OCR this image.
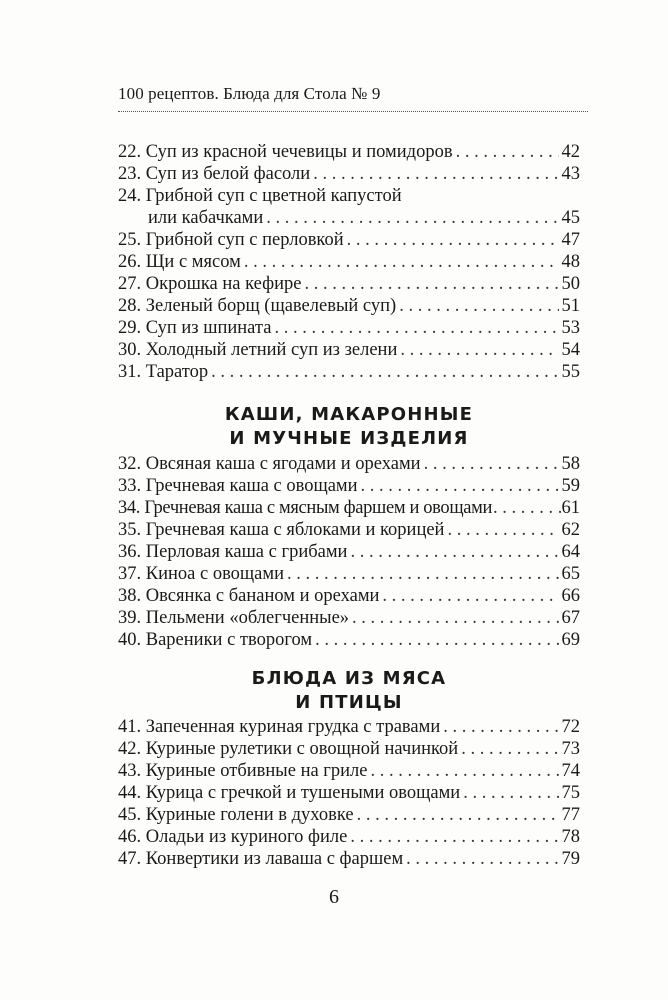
100 рецептов. Блюда для Стола № 9
22. Суп из красной чечевицы и помидоров . . .	42
23. Суп из белой фасоли . . .	43
24. Грибной суп с цветной капустой
или кабачками . . .	45
25. Грибной суп с перловкой . . .	47
26. Щи с мясом . . .	48
27. Окрошка на кефире . . .	50
28. Зеленый борщ (щавелевый суп) . . .	51
29. Суп из шпината . . .	53
30. Холодный летний суп из зелени . . .	54
31. Таратор . . .	55
КАШИ, МАКАРОННЫЕ
И МУЧНЫЕ ИЗДЕЛИЯ
32. Овсяная каша с ягодами и орехами . . .	58
33. Гречневая каша с овощами . . .	59
34. Гречневая каша с мясным фаршем и овощами . . .	61
35. Гречневая каша с яблоками и корицей . . .	62
36. Перловая каша с грибами . . .	64
37. Киноа с овощами . . .	65
38. Овсянка с бананом и орехами . . .	66
39. Пельмени «облегченные» . . .	67
40. Вареники с творогом . . .	69
БЛЮДА ИЗ МЯСА
И ПТИЦЫ
41. Запеченная куриная грудка с травами . . .	72
42. Куриные рулетики с овощной начинкой . . .	73
43. Куриные отбивные на гриле . . .	74
44. Курица с гречкой и тушеными овощами . . .	75
45. Куриные голени в духовке . . .	77
46. Оладьи из куриного филе . . .	78
47. Конвертики из лаваша с фаршем . . .	79
6
